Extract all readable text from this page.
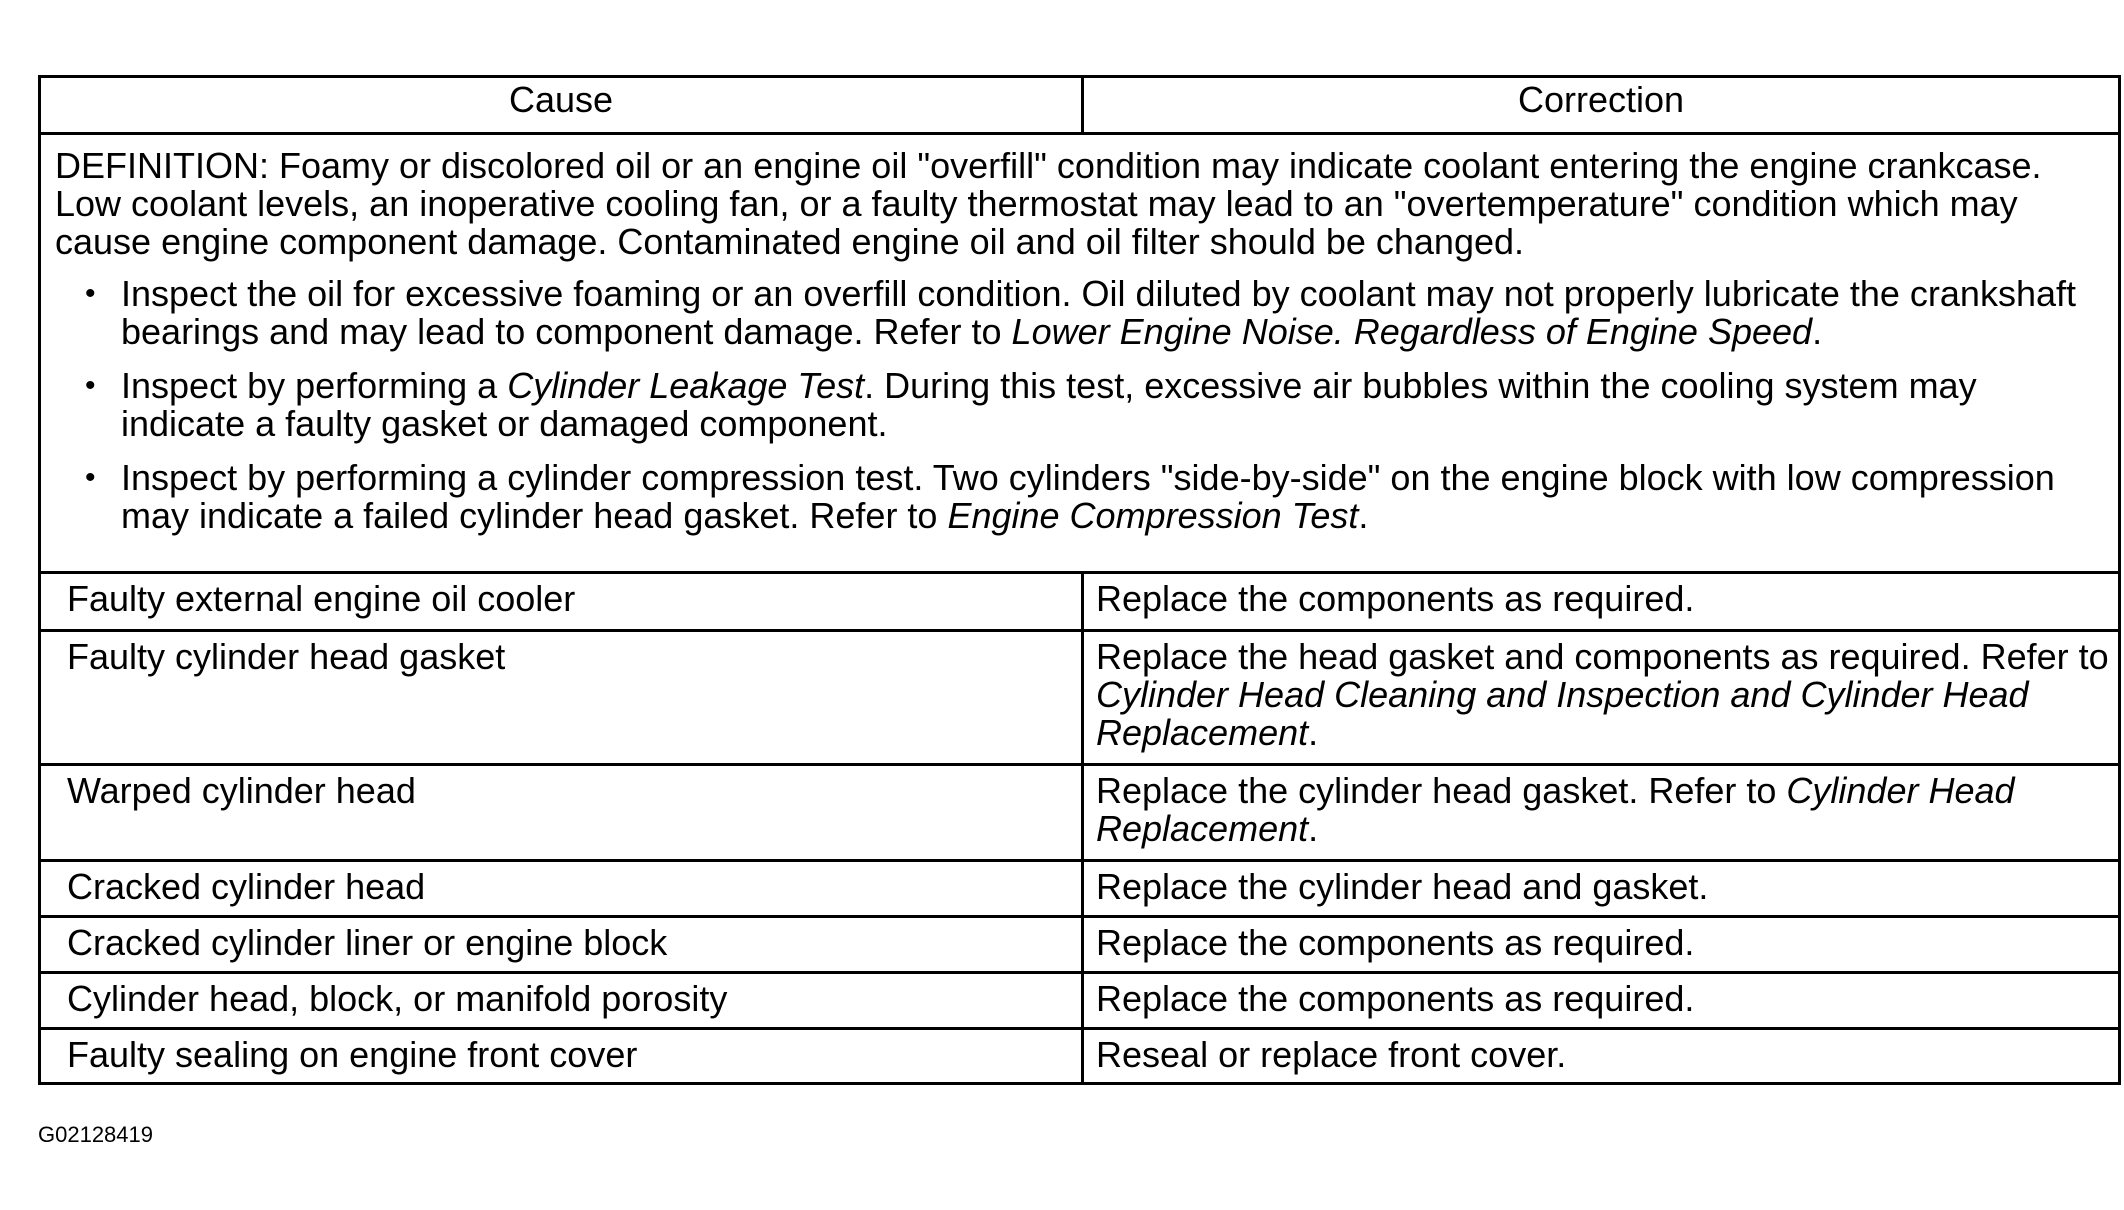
Cause	Correction

DEFINITION: Foamy or discolored oil or an engine oil "overfill" condition may indicate coolant entering the engine crankcase. Low coolant levels, an inoperative cooling fan, or a faulty thermostat may lead to an "overtemperature" condition which may cause engine component damage. Contaminated engine oil and oil filter should be changed.

• Inspect the oil for excessive foaming or an overfill condition. Oil diluted by coolant may not properly lubricate the crankshaft bearings and may lead to component damage. Refer to Lower Engine Noise. Regardless of Engine Speed.
• Inspect by performing a Cylinder Leakage Test. During this test, excessive air bubbles within the cooling system may indicate a faulty gasket or damaged component.
• Inspect by performing a cylinder compression test. Two cylinders "side-by-side" on the engine block with low compression may indicate a failed cylinder head gasket. Refer to Engine Compression Test.
Faulty external engine oil cooler	Replace the components as required.
Faulty cylinder head gasket	Replace the head gasket and components as required. Refer to Cylinder Head Cleaning and Inspection and Cylinder Head Replacement.
Warped cylinder head	Replace the cylinder head gasket. Refer to Cylinder Head Replacement.
Cracked cylinder head	Replace the cylinder head and gasket.
Cracked cylinder liner or engine block	Replace the components as required.
Cylinder head, block, or manifold porosity	Replace the components as required.
Faulty sealing on engine front cover	Reseal or replace front cover.
G02128419
